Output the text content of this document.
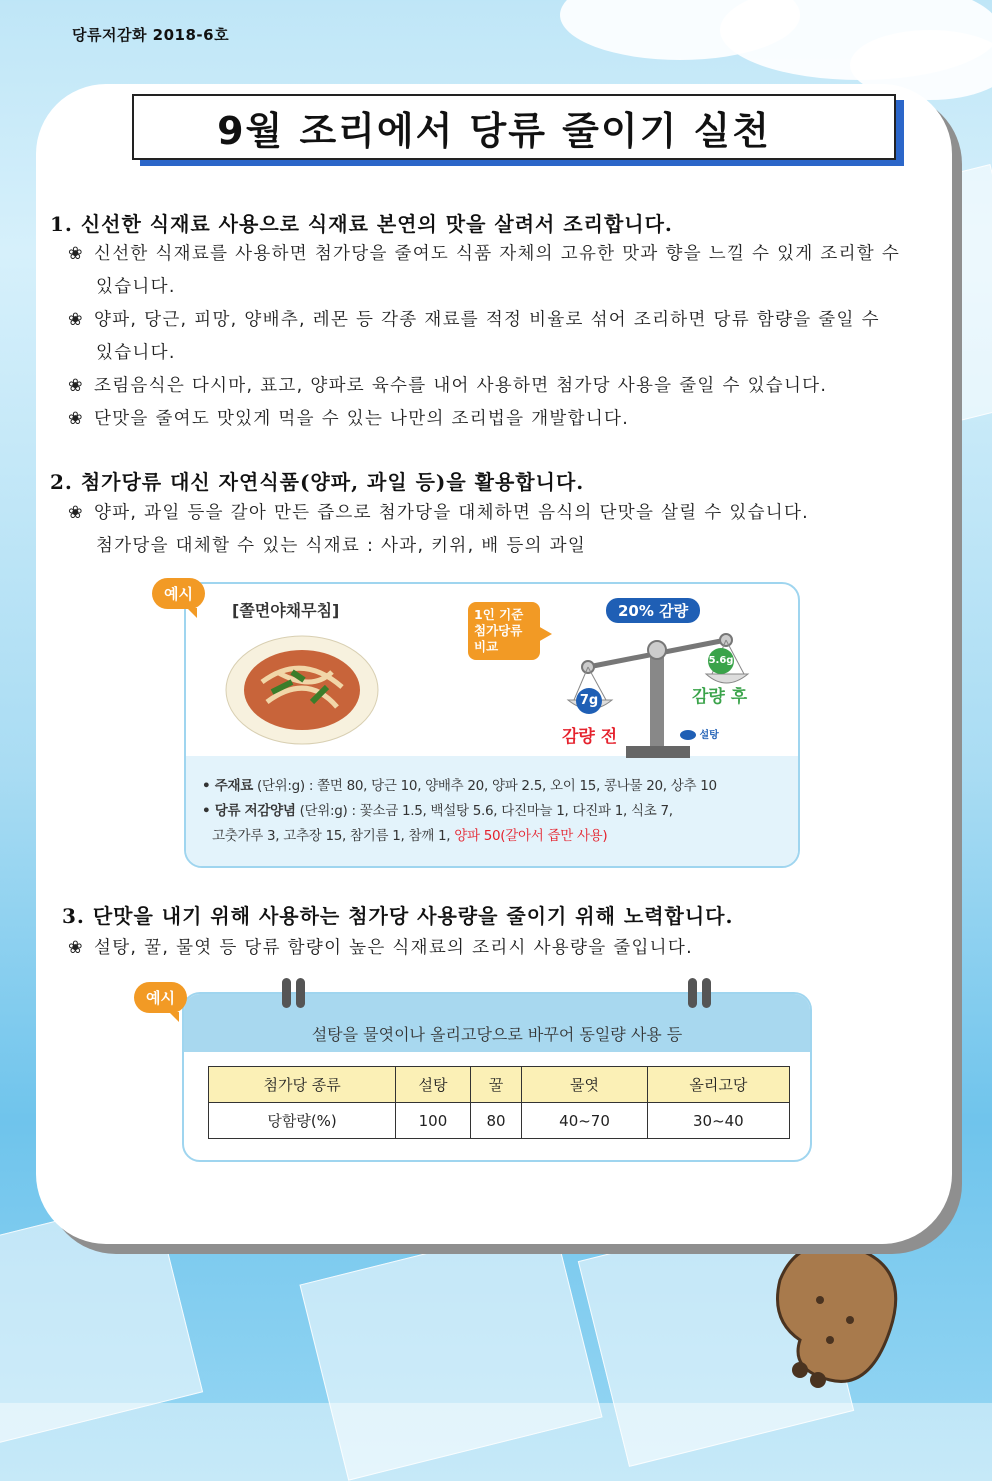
당류저감화 2018-6호
9월 조리에서 당류 줄이기 실천
1. 신선한 식재료 사용으로 식재료 본연의 맛을 살려서 조리합니다.
❀ 신선한 식재료를 사용하면 첨가당을 줄여도 식품 자체의 고유한 맛과 향을 느낄 수 있게 조리할 수
있습니다.
❀ 양파, 당근, 피망, 양배추, 레몬 등 각종 재료를 적정 비율로 섞어 조리하면 당류 함량을 줄일 수
있습니다.
❀ 조림음식은 다시마, 표고, 양파로 육수를 내어 사용하면 첨가당 사용을 줄일 수 있습니다.
❀ 단맛을 줄여도 맛있게 먹을 수 있는 나만의 조리법을 개발합니다.
2. 첨가당류 대신 자연식품(양파, 과일 등)을 활용합니다.
❀ 양파, 과일 등을 갈아 만든 즙으로 첨가당을 대체하면 음식의 단맛을 살릴 수 있습니다.
첨가당을 대체할 수 있는 식재료 : 사과, 키위, 배 등의 과일
[쫄면야채무침]	1인 기준
첨가당류
비교
20% 감량
7g
5.6g
감량 전
감량 후
설탕
• 주재료 (단위:g) : 쫄면 80, 당근 10, 양배추 20, 양파 2.5, 오이 15, 콩나물 20, 상추 10
• 당류 저감양념 (단위:g) : 꽃소금 1.5, 백설탕 5.6, 다진마늘 1, 다진파 1, 식초 7,
고춧가루 3, 고추장 15, 참기름 1, 참깨 1, 양파 50(갈아서 즙만 사용)
예시
3. 단맛을 내기 위해 사용하는 첨가당 사용량을 줄이기 위해 노력합니다.
❀ 설탕, 꿀, 물엿 등 당류 함량이 높은 식재료의 조리시 사용량을 줄입니다.
설탕을 물엿이나 올리고당으로 바꾸어 동일량 사용 등
첨가당 종류	설탕	꿀	물엿	올리고당
당함량(%)	100	80	40~70	30~40
예시
